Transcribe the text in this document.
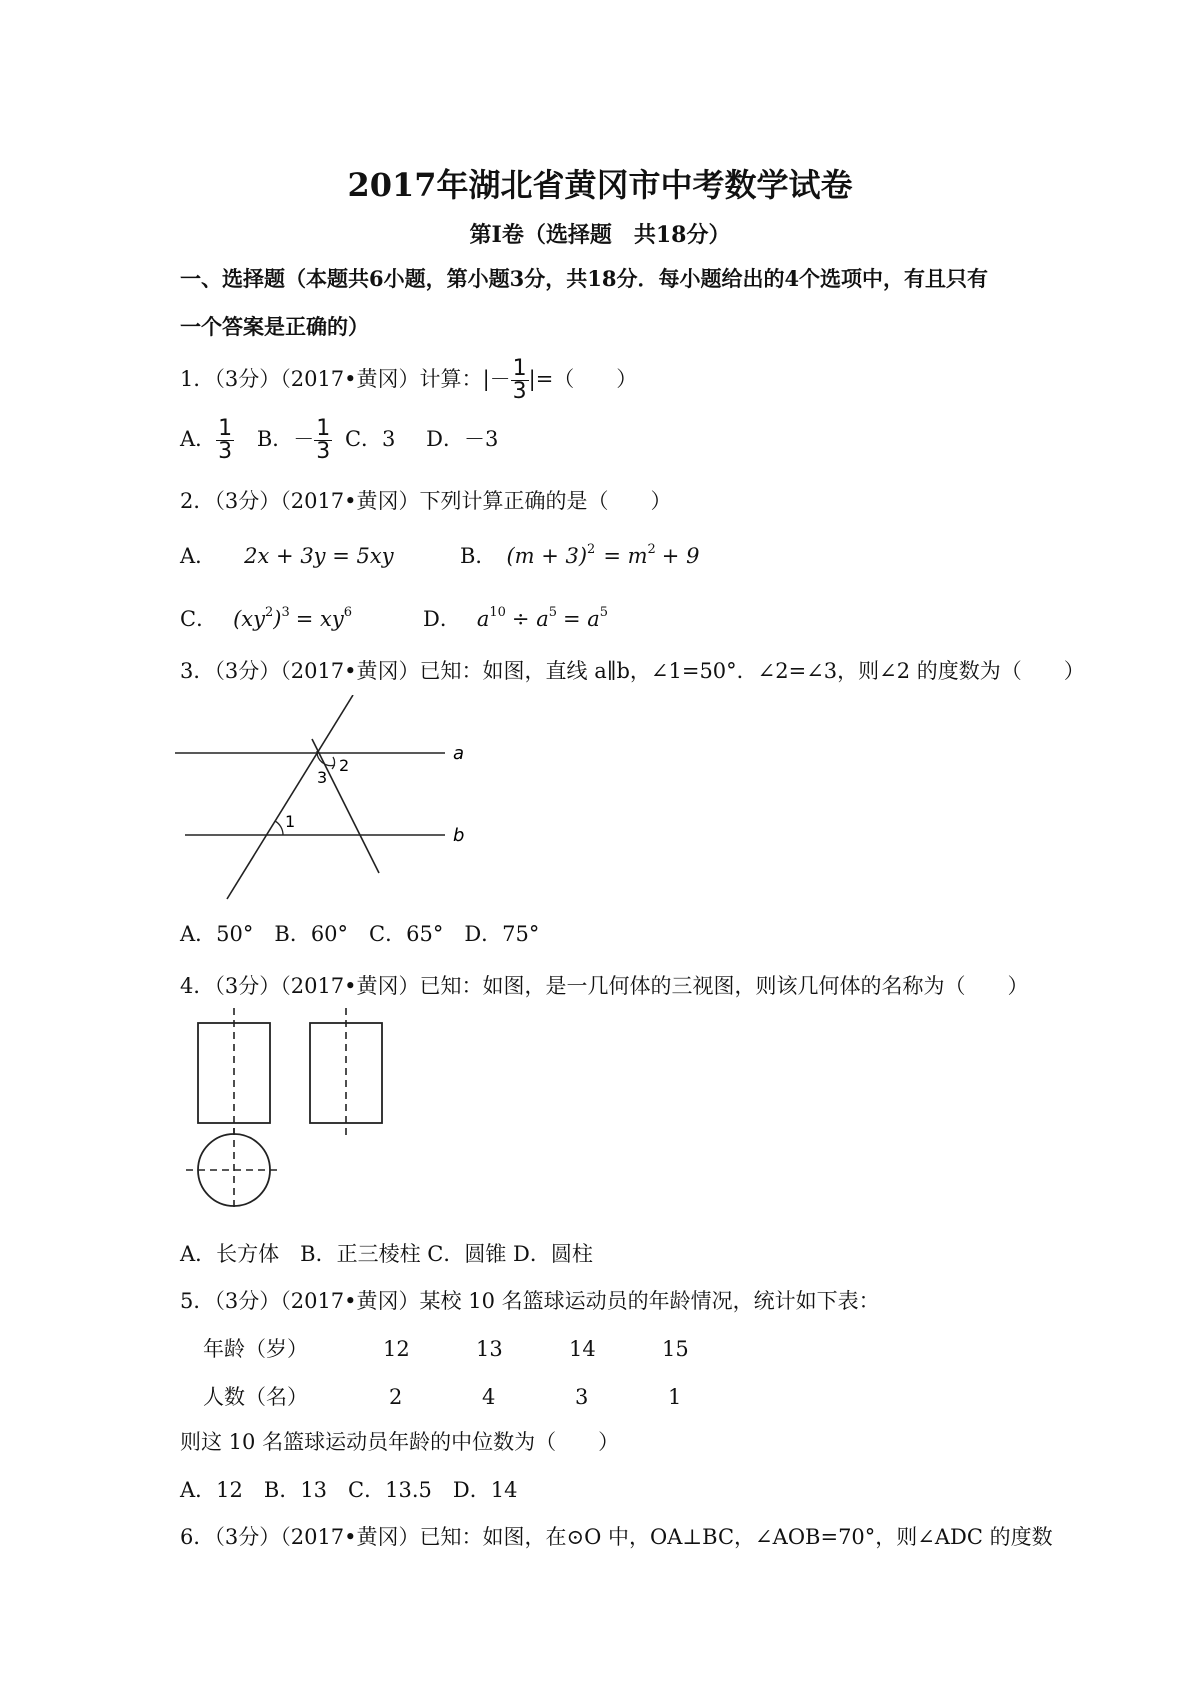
2017年湖北省黄冈市中考数学试卷
第Ⅰ卷（选择题　共18分）
一、选择题（本题共6小题，第小题3分，共18分．每小题给出的4个选项中，有且只有
一个答案是正确的）
1．（3分）（2017•黄冈）计算：|－ $\frac{1}{3}$ |=（　　）
A． $\frac{1}{3}$ B．－ $\frac{1}{3}$ C．3 D．－3
2．（3分）（2017•黄冈）下列计算正确的是（　　）
A． 2x + 3y = 5xy	B． $(m + 3)^2 = m^2 + 9$
C． $(xy^2)^3 = xy^6$	D． $a^{10} \div a^5 = a^5$
3．（3分）（2017•黄冈）已知：如图，直线 a∥b，∠1=50°．∠2=∠3，则∠2 的度数为（　　）
a
b
1
2
3
A．50°　B．60°　C．65°　D．75°
4．（3分）（2017•黄冈）已知：如图，是一几何体的三视图，则该几何体的名称为（　　）
A．长方体　B．正三棱柱 C．圆锥 D．圆柱
5．（3分）（2017•黄冈）某校 10 名篮球运动员的年龄情况，统计如下表：
年龄（岁）	12	13	14	15
人数（名）	2	4	3	1
则这 10 名篮球运动员年龄的中位数为（　　）
A．12　B．13　C．13.5　D．14
6．（3分）（2017•黄冈）已知：如图，在⊙O 中，OA⊥BC，∠AOB=70°，则∠ADC 的度数
